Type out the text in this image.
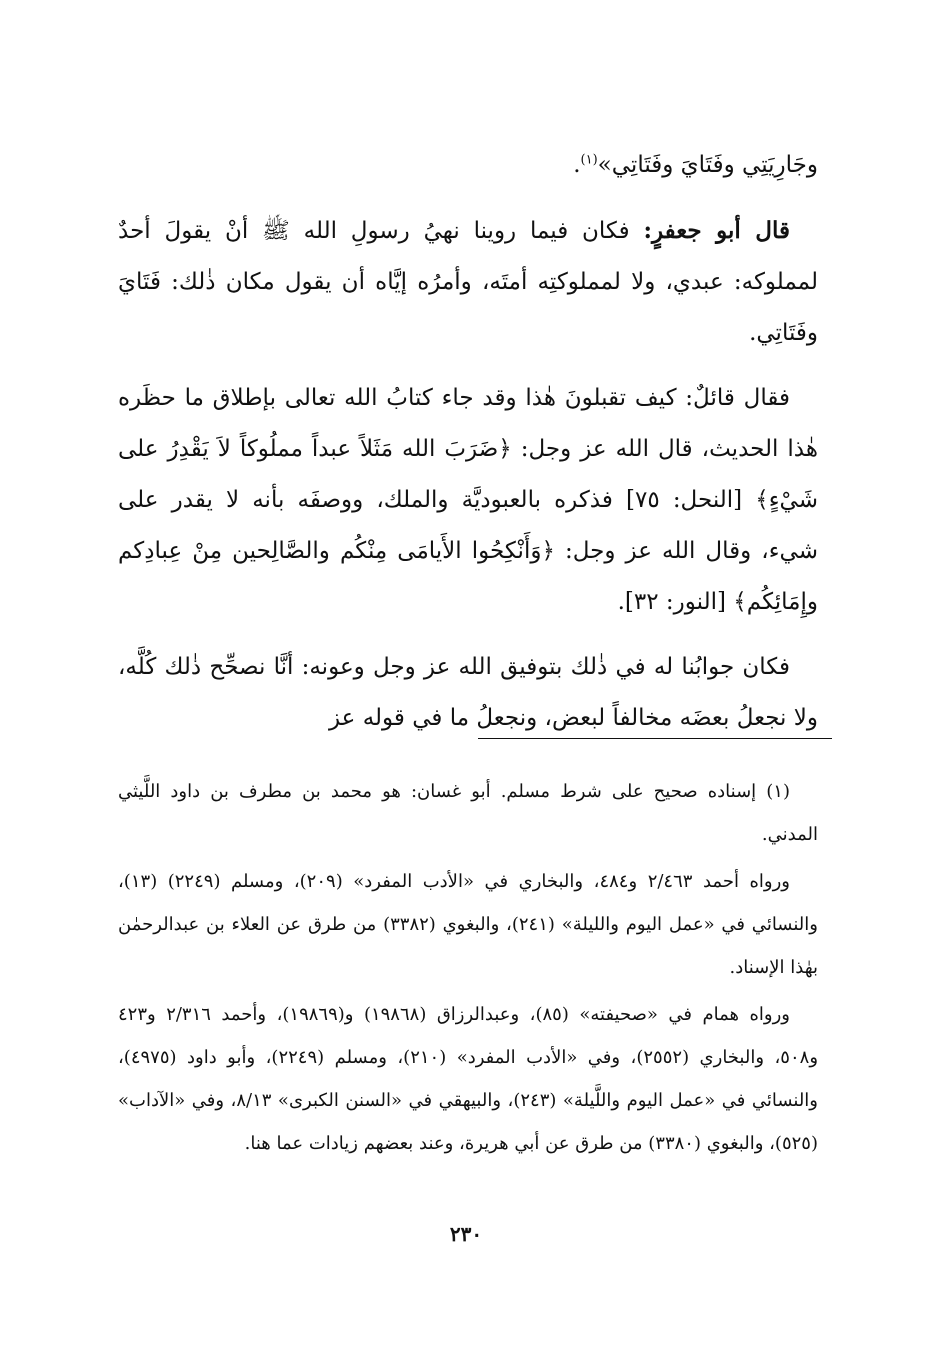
وجَارِيَتِي وفَتَايَ وفَتَاتِي»$^{(١)}$.

قال أبو جعفرٍ: فكان فيما روينا نهيُ رسولِ الله ﷺ أنْ يقولَ أحدٌ لمملوكه: عبدي، ولا لمملوكتِه أمتَه، وأمرُه إيَّاه أن يقول مكان ذٰلك: فَتَايَ وفَتَاتِي.

فقال قائلٌ: كيف تقبلونَ هٰذا وقد جاء كتابُ الله تعالى بإطلاق ما حظَره هٰذا الحديث، قال الله عز وجل: ﴿ضَرَبَ الله مَثَلاً عبداً مملُوكاً لاَ يَقْدِرُ على شَيْءٍ﴾ [النحل: ٧٥] فذكره بالعبوديَّة والملك، ووصفَه بأنه لا يقدر على شيء، وقال الله عز وجل: ﴿وَأَنْكِحُوا الأَيامَى مِنْكُم والصَّالِحين مِنْ عِبادِكم وإِمَائِكُم﴾ [النور: ٣٢].

فكان جوابُنا له في ذٰلك بتوفيق الله عز وجل وعونه: أنَّا نصحِّح ذٰلك كُلَّه، ولا نجعلُ بعضَه مخالفاً لبعض، ونجعلُ ما في قوله عز

(١) إسناده صحيح على شرط مسلم. أبو غسان: هو محمد بن مطرف بن داود اللَّيثي المدني.

ورواه أحمد ٢/٤٦٣ و٤٨٤، والبخاري في «الأدب المفرد» (٢٠٩)، ومسلم (٢٢٤٩) (١٣)، والنسائي في «عمل اليوم والليلة» (٢٤١)، والبغوي (٣٣٨٢) من طرق عن العلاء بن عبدالرحمٰن بهٰذا الإسناد.

ورواه همام في «صحيفته» (٨٥)، وعبدالرزاق (١٩٨٦٨) و(١٩٨٦٩)، وأحمد ٢/٣١٦ و٤٢٣ و٥٠٨، والبخاري (٢٥٥٢)، وفي «الأدب المفرد» (٢١٠)، ومسلم (٢٢٤٩)، وأبو داود (٤٩٧٥)، والنسائي في «عمل اليوم واللَّيلة» (٢٤٣)، والبيهقي في «السنن الكبرى» ٨/١٣، وفي «الآداب» (٥٢٥)، والبغوي (٣٣٨٠) من طرق عن أبي هريرة، وعند بعضهم زيادات عما هنا.

٢٣٠
